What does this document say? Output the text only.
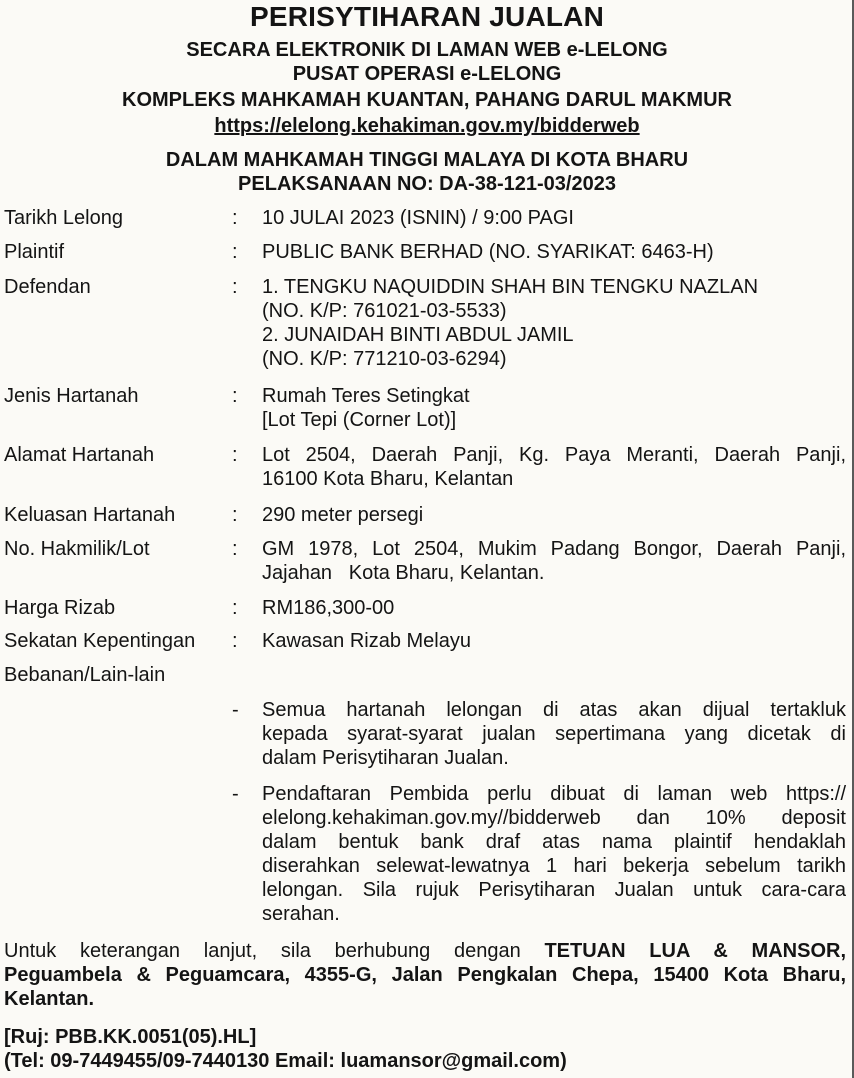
PERISYTIHARAN JUALAN
SECARA ELEKTRONIK DI LAMAN WEB e-LELONG
PUSAT OPERASI e-LELONG
KOMPLEKS MAHKAMAH KUANTAN, PAHANG DARUL MAKMUR
https://elelong.kehakiman.gov.my/bidderweb
DALAM MAHKAMAH TINGGI MALAYA DI KOTA BHARU
PELAKSANAAN NO: DA-38-121-03/2023
Tarikh Lelong	: 10 JULAI 2023 (ISNIN) / 9:00 PAGI
Plaintif	: PUBLIC BANK BERHAD (NO. SYARIKAT: 6463-H)
Defendan	: 1. TENGKU NAQUIDDIN SHAH BIN TENGKU NAZLAN
(NO. K/P: 761021-03-5533)
2. JUNAIDAH BINTI ABDUL JAMIL
(NO. K/P: 771210-03-6294)
Jenis Hartanah	: Rumah Teres Setingkat
[Lot Tepi (Corner Lot)]
Alamat Hartanah	: Lot 2504, Daerah Panji, Kg. Paya Meranti, Daerah Panji,
16100 Kota Bharu, Kelantan
Keluasan Hartanah	: 290 meter persegi
No. Hakmilik/Lot	: GM 1978, Lot 2504, Mukim Padang Bongor, Daerah Panji,
Jajahan   Kota Bharu, Kelantan.
Harga Rizab	: RM186,300-00
Sekatan Kepentingan : Kawasan Rizab Melayu
Bebanan/Lain-lain
- Semua hartanah lelongan di atas akan dijual tertakluk
kepada syarat-syarat jualan sepertimana yang dicetak di
dalam Perisytiharan Jualan.
- Pendaftaran Pembida perlu dibuat di laman web https://
elelong.kehakiman.gov.my//bidderweb dan 10% deposit
dalam bentuk bank draf atas nama plaintif hendaklah
diserahkan selewat-lewatnya 1 hari bekerja sebelum tarikh
lelongan. Sila rujuk Perisytiharan Jualan untuk cara-cara
serahan.
Untuk keterangan lanjut, sila berhubung dengan TETUAN LUA & MANSOR,
Peguambela & Peguamcara, 4355-G, Jalan Pengkalan Chepa, 15400 Kota Bharu,
Kelantan.
[Ruj: PBB.KK.0051(05).HL]
(Tel: 09-7449455/09-7440130 Email: luamansor@gmail.com)
